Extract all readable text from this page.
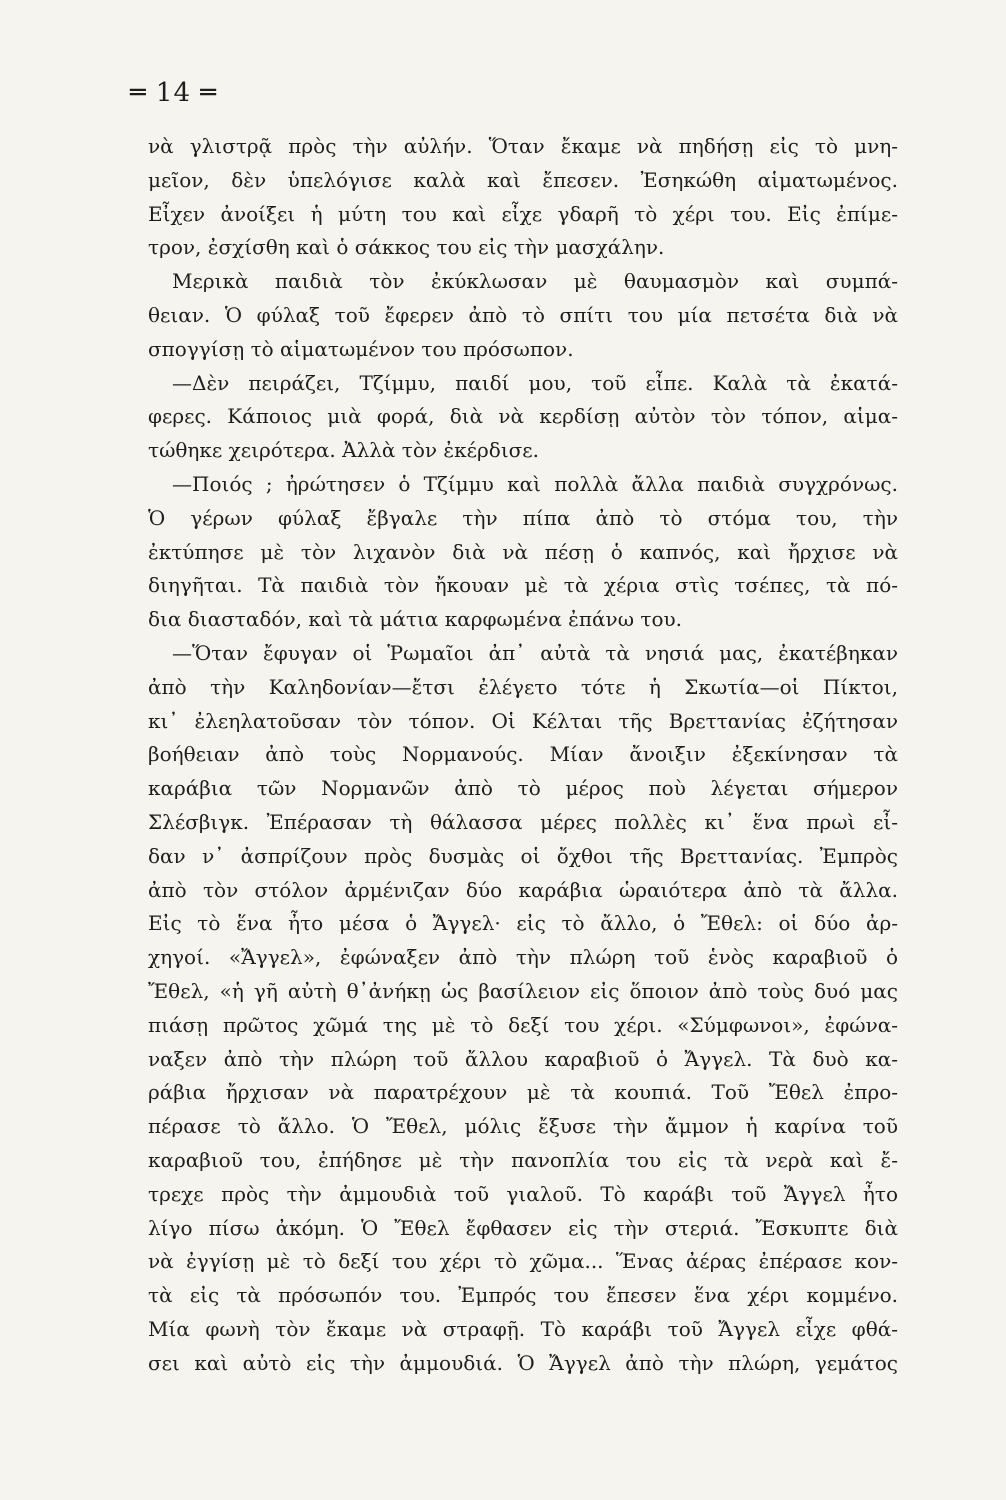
═ 14 ═
νὰ γλιστρᾷ πρὸς τὴν αὐλήν. Ὅταν ἔκαμε νὰ πηδήσῃ εἰς τὸ μνη-
μεῖον, δὲν ὑπελόγισε καλὰ καὶ ἔπεσεν. Ἐσηκώθη αἱματωμένος.
Εἶχεν ἀνοίξει ἡ μύτη του καὶ εἶχε γδαρῆ τὸ χέρι του. Εἰς ἐπίμε-
τρον, ἐσχίσθη καὶ ὁ σάκκος του εἰς τὴν μασχάλην.
Μερικὰ παιδιὰ τὸν ἐκύκλωσαν μὲ θαυμασμὸν καὶ συμπά-
θειαν. Ὁ φύλαξ τοῦ ἔφερεν ἀπὸ τὸ σπίτι του μία πετσέτα διὰ νὰ
σπογγίσῃ τὸ αἱματωμένον του πρόσωπον.
—Δὲν πειράζει, Τζίμμυ, παιδί μου, τοῦ εἶπε. Καλὰ τὰ ἐκατά-
φερες. Κάποιος μιὰ φορά, διὰ νὰ κερδίσῃ αὐτὸν τὸν τόπον, αἱμα-
τώθηκε χειρότερα. Ἀλλὰ τὸν ἐκέρδισε.
—Ποιός ; ἠρώτησεν ὁ Τζίμμυ καὶ πολλὰ ἄλλα παιδιὰ συγχρόνως.
Ὁ γέρων φύλαξ ἔβγαλε τὴν πίπα ἀπὸ τὸ στόμα του, τὴν
ἐκτύπησε μὲ τὸν λιχανὸν διὰ νὰ πέσῃ ὁ καπνός, καὶ ἤρχισε νὰ
διηγῆται. Τὰ παιδιὰ τὸν ἤκουαν μὲ τὰ χέρια στὶς τσέπες, τὰ πό-
δια διασταδόν, καὶ τὰ μάτια καρφωμένα ἐπάνω του.
—Ὅταν ἔφυγαν οἱ Ῥωμαῖοι ἀπ᾽ αὐτὰ τὰ νησιά μας, ἐκατέβηκαν
ἀπὸ τὴν Καληδονίαν—ἔτσι ἐλέγετο τότε ἡ Σκωτία—οἱ Πίκτοι,
κι᾽ ἐλεηλατοῦσαν τὸν τόπον. Οἱ Κέλται τῆς Βρεττανίας ἐζήτησαν
βοήθειαν ἀπὸ τοὺς Νορμανούς. Μίαν ἄνοιξιν ἐξεκίνησαν τὰ
καράβια τῶν Νορμανῶν ἀπὸ τὸ μέρος ποὺ λέγεται σήμερον
Σλέσβιγκ. Ἐπέρασαν τὴ θάλασσα μέρες πολλὲς κι᾽ ἕνα πρωὶ εἶ-
δαν ν᾽ ἀσπρίζουν πρὸς δυσμὰς οἱ ὄχθοι τῆς Βρεττανίας. Ἐμπρὸς
ἀπὸ τὸν στόλον ἀρμένιζαν δύο καράβια ὡραιότερα ἀπὸ τὰ ἄλλα.
Εἰς τὸ ἕνα ἦτο μέσα ὁ Ἄγγελ· εἰς τὸ ἄλλο, ὁ Ἔθελ: οἱ δύο ἀρ-
χηγοί. «Ἄγγελ», ἐφώναξεν ἀπὸ τὴν πλώρη τοῦ ἑνὸς καραβιοῦ ὁ
Ἔθελ, «ἡ γῆ αὐτὴ θ᾽ἀνήκῃ ὡς βασίλειον εἰς ὅποιον ἀπὸ τοὺς δυό μας
πιάσῃ πρῶτος χῶμά της μὲ τὸ δεξί του χέρι. «Σύμφωνοι», ἐφώνα-
ναξεν ἀπὸ τὴν πλώρη τοῦ ἄλλου καραβιοῦ ὁ Ἄγγελ. Τὰ δυὸ κα-
ράβια ἤρχισαν νὰ παρατρέχουν μὲ τὰ κουπιά. Τοῦ Ἔθελ ἐπρο-
πέρασε τὸ ἄλλο. Ὁ Ἔθελ, μόλις ἔξυσε τὴν ἄμμον ἡ καρίνα τοῦ
καραβιοῦ του, ἐπήδησε μὲ τὴν πανοπλία του εἰς τὰ νερὰ καὶ ἔ-
τρεχε πρὸς τὴν ἀμμουδιὰ τοῦ γιαλοῦ. Τὸ καράβι τοῦ Ἄγγελ ἦτο
λίγο πίσω ἀκόμη. Ὁ Ἔθελ ἔφθασεν εἰς τὴν στεριά. Ἔσκυπτε διὰ
νὰ ἐγγίσῃ μὲ τὸ δεξί του χέρι τὸ χῶμα... Ἕνας ἀέρας ἐπέρασε κον-
τὰ εἰς τὰ πρόσωπόν του. Ἐμπρός του ἔπεσεν ἕνα χέρι κομμένο.
Μία φωνὴ τὸν ἔκαμε νὰ στραφῇ. Τὸ καράβι τοῦ Ἄγγελ εἶχε φθά-
σει καὶ αὐτὸ εἰς τὴν ἀμμουδιά. Ὁ Ἄγγελ ἀπὸ τὴν πλώρη, γεμάτος
